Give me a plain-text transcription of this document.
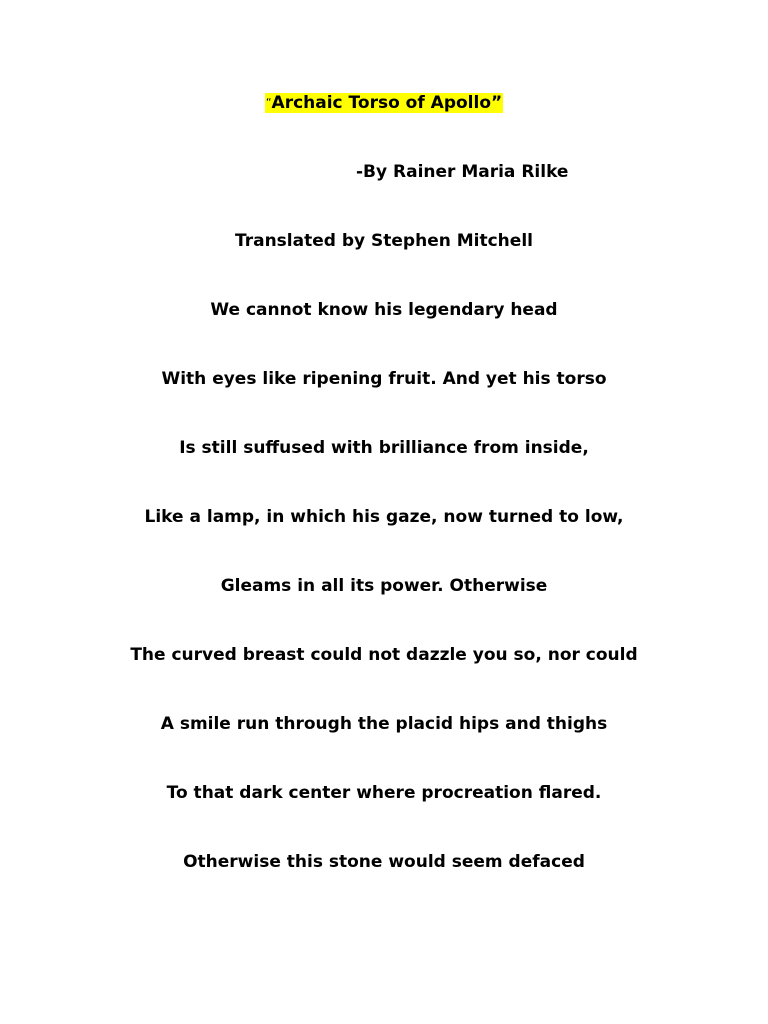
“Archaic Torso of Apollo”
-By Rainer Maria Rilke
Translated by Stephen Mitchell
We cannot know his legendary head
With eyes like ripening fruit. And yet his torso
Is still suffused with brilliance from inside,
Like a lamp, in which his gaze, now turned to low,
Gleams in all its power. Otherwise
The curved breast could not dazzle you so, nor could
A smile run through the placid hips and thighs
To that dark center where procreation flared.
Otherwise this stone would seem defaced
